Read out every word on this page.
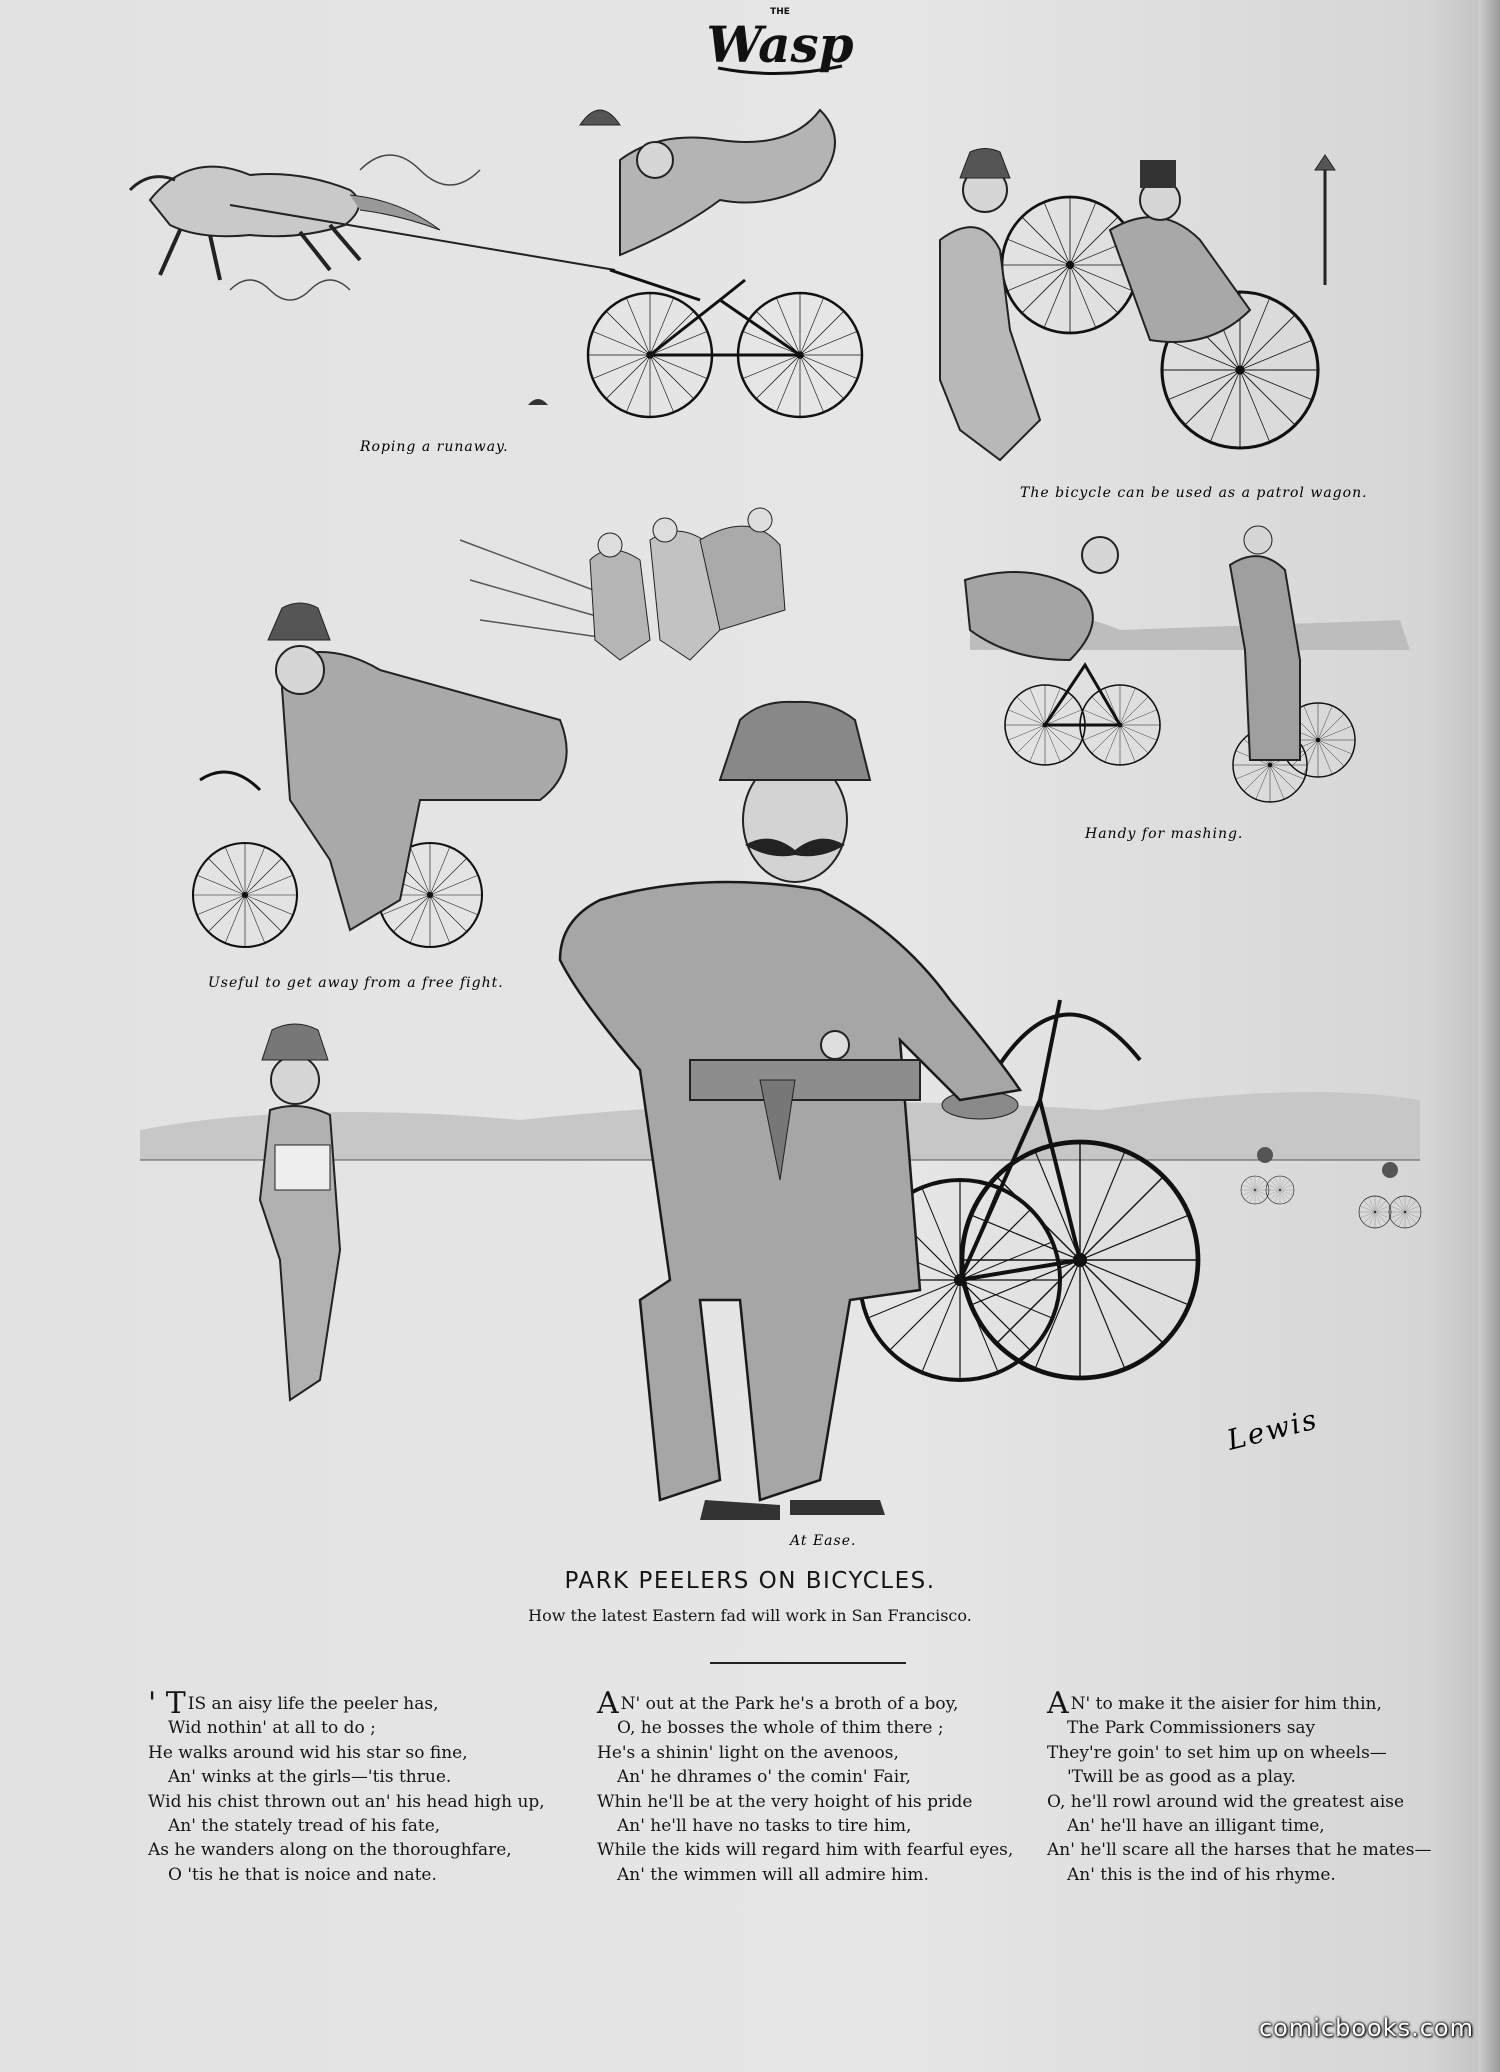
THE
Wasp
Roping a runaway.
The bicycle can be used as a patrol wagon.
Handy for mashing.
Useful to get away from a free fight.
At Ease.
Lewis
PARK PEELERS ON BICYCLES.
How the latest Eastern fad will work in San Francisco.
' T IS an aisy life the peeler has,
Wid nothin' at all to do ;
He walks around wid his star so fine,
An' winks at the girls—'tis thrue.
Wid his chist thrown out an' his head high up,
An' the stately tread of his fate,
As he wanders along on the thoroughfare,
O 'tis he that is noice and nate.
A N' out at the Park he's a broth of a boy,
O, he bosses the whole of thim there ;
He's a shinin' light on the avenoos,
An' he dhrames o' the comin' Fair,
Whin he'll be at the very hoight of his pride
An' he'll have no tasks to tire him,
While the kids will regard him with fearful eyes,
An' the wimmen will all admire him.
A N' to make it the aisier for him thin,
The Park Commissioners say
They're goin' to set him up on wheels—
'Twill be as good as a play.
O, he'll rowl around wid the greatest aise
An' he'll have an illigant time,
An' he'll scare all the harses that he mates—
An' this is the ind of his rhyme.
comicbooks.com
